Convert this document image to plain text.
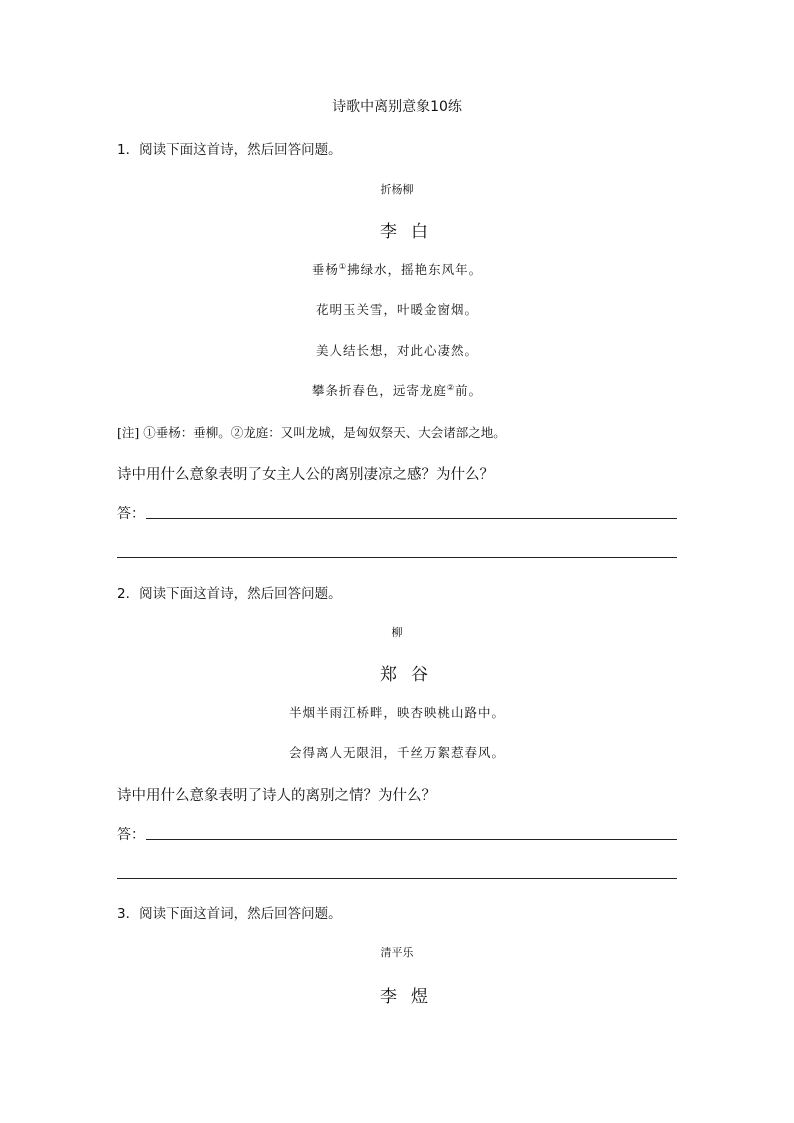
诗歌中离别意象10练
1．阅读下面这首诗，然后回答问题。
折杨柳
李白
垂杨①拂绿水，摇艳东风年。
花明玉关雪，叶暖金窗烟。
美人结长想，对此心凄然。
攀条折春色，远寄龙庭②前。
[注] ①垂杨：垂柳。②龙庭：又叫龙城，是匈奴祭天、大会诸部之地。
诗中用什么意象表明了女主人公的离别凄凉之感？为什么？
答：
2．阅读下面这首诗，然后回答问题。
柳
郑谷
半烟半雨江桥畔，映杏映桃山路中。
会得离人无限泪，千丝万絮惹春风。
诗中用什么意象表明了诗人的离别之情？为什么？
答：
3．阅读下面这首词，然后回答问题。
清平乐
李煜
